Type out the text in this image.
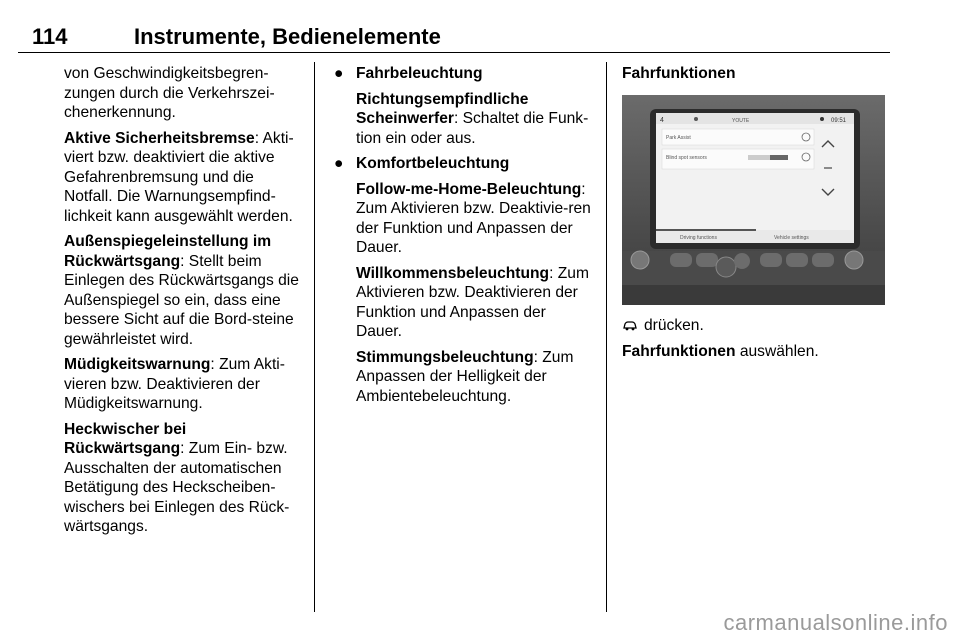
114	Instrumente, Bedienelemente

von Geschwindigkeitsbegren-zungen durch die Verkehrszei-chenerkennung.

Aktive Sicherheitsbremse: Akti-viert bzw. deaktiviert die aktive Gefahrenbremsung und die Notfall. Die Warnungsempfind-lichkeit kann ausgewählt werden.

Außenspiegeleinstellung im Rückwärtsgang: Stellt beim Einlegen des Rückwärtsgangs die Außenspiegel so ein, dass eine bessere Sicht auf die Bord-steine gewährleistet wird.

Müdigkeitswarnung: Zum Akti-vieren bzw. Deaktivieren der Müdigkeitswarnung.

Heckwischer bei Rückwärtsgang: Zum Ein- bzw. Ausschalten der automatischen Betätigung des Heckscheiben-wischers bei Einlegen des Rück-wärtsgangs.

● Fahrbeleuchtung

Richtungsempfindliche Scheinwerfer: Schaltet die Funk-tion ein oder aus.

● Komfortbeleuchtung

Follow-me-Home-Beleuchtung: Zum Aktivieren bzw. Deaktivie-ren der Funktion und Anpassen der Dauer.

Willkommensbeleuchtung: Zum Aktivieren bzw. Deaktivieren der Funktion und Anpassen der Dauer.

Stimmungsbeleuchtung: Zum Anpassen der Helligkeit der Ambientebeleuchtung.

Fahrfunktionen

4	YOUTE	09:51
Park Assist
Blind spot sensors
Driving functions	Vehicle settings

drücken.

Fahrfunktionen auswählen.

carmanualsonline.info
